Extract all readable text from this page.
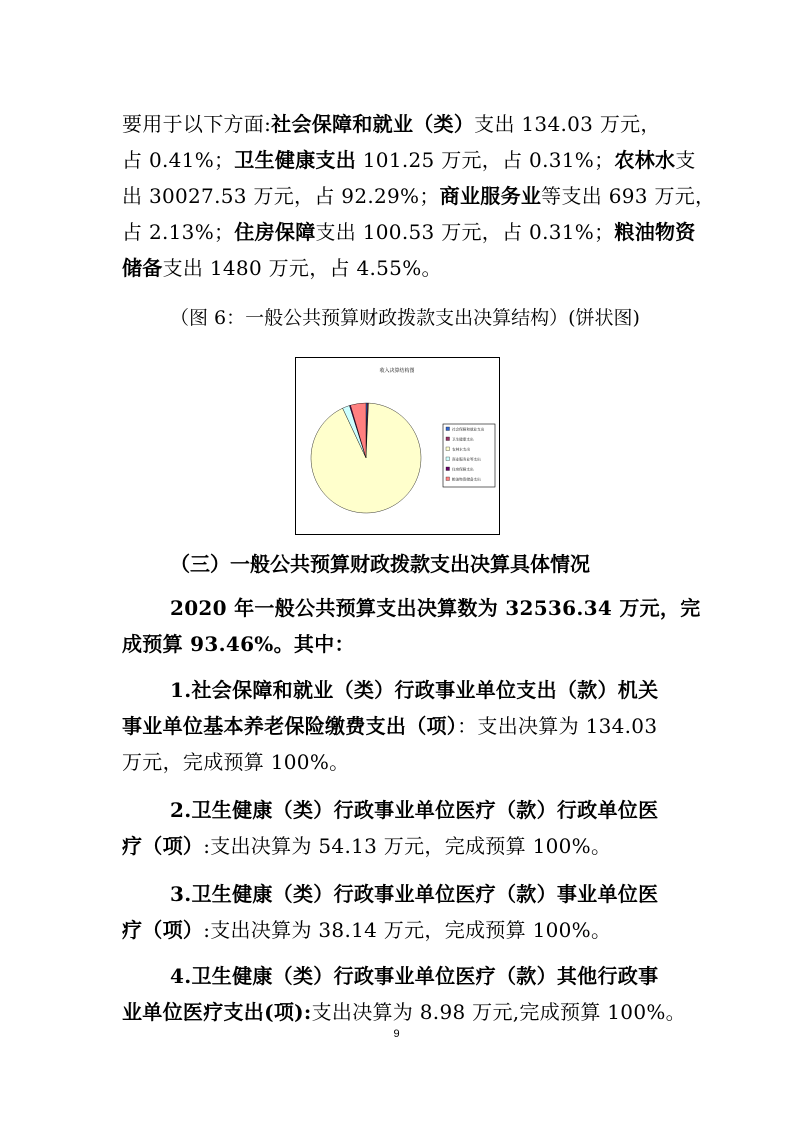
要用于以下方面:社会保障和就业（类）支出 134.03 万元，
占 0.41%；卫生健康支出 101.25 万元，占 0.31%；农林水支
出 30027.53 万元，占 92.29%；商业服务业等支出 693 万元，
占 2.13%；住房保障支出 100.53 万元，占 0.31%；粮油物资
储备支出 1480 万元，占 4.55%。
（图 6：一般公共预算财政拨款支出决算结构）(饼状图)
（三）一般公共预算财政拨款支出决算具体情况
2020 年一般公共预算支出决算数为 32536.34 万元，完
成预算 93.46%。其中：
1.社会保障和就业（类）行政事业单位支出（款）机关
事业单位基本养老保险缴费支出（项）：支出决算为 134.03
万元，完成预算 100%。
2.卫生健康（类）行政事业单位医疗（款）行政单位医
疗（项）:支出决算为 54.13 万元，完成预算 100%。
3.卫生健康（类）行政事业单位医疗（款）事业单位医
疗（项）:支出决算为 38.14 万元，完成预算 100%。
4.卫生健康（类）行政事业单位医疗（款）其他行政事
业单位医疗支出(项):支出决算为 8.98 万元,完成预算 100%。
收入决算结构图
社会保障和就业支出
卫生健康支出
农林水支出
商业服务业等支出
住房保障支出
粮油物资储备支出
9
